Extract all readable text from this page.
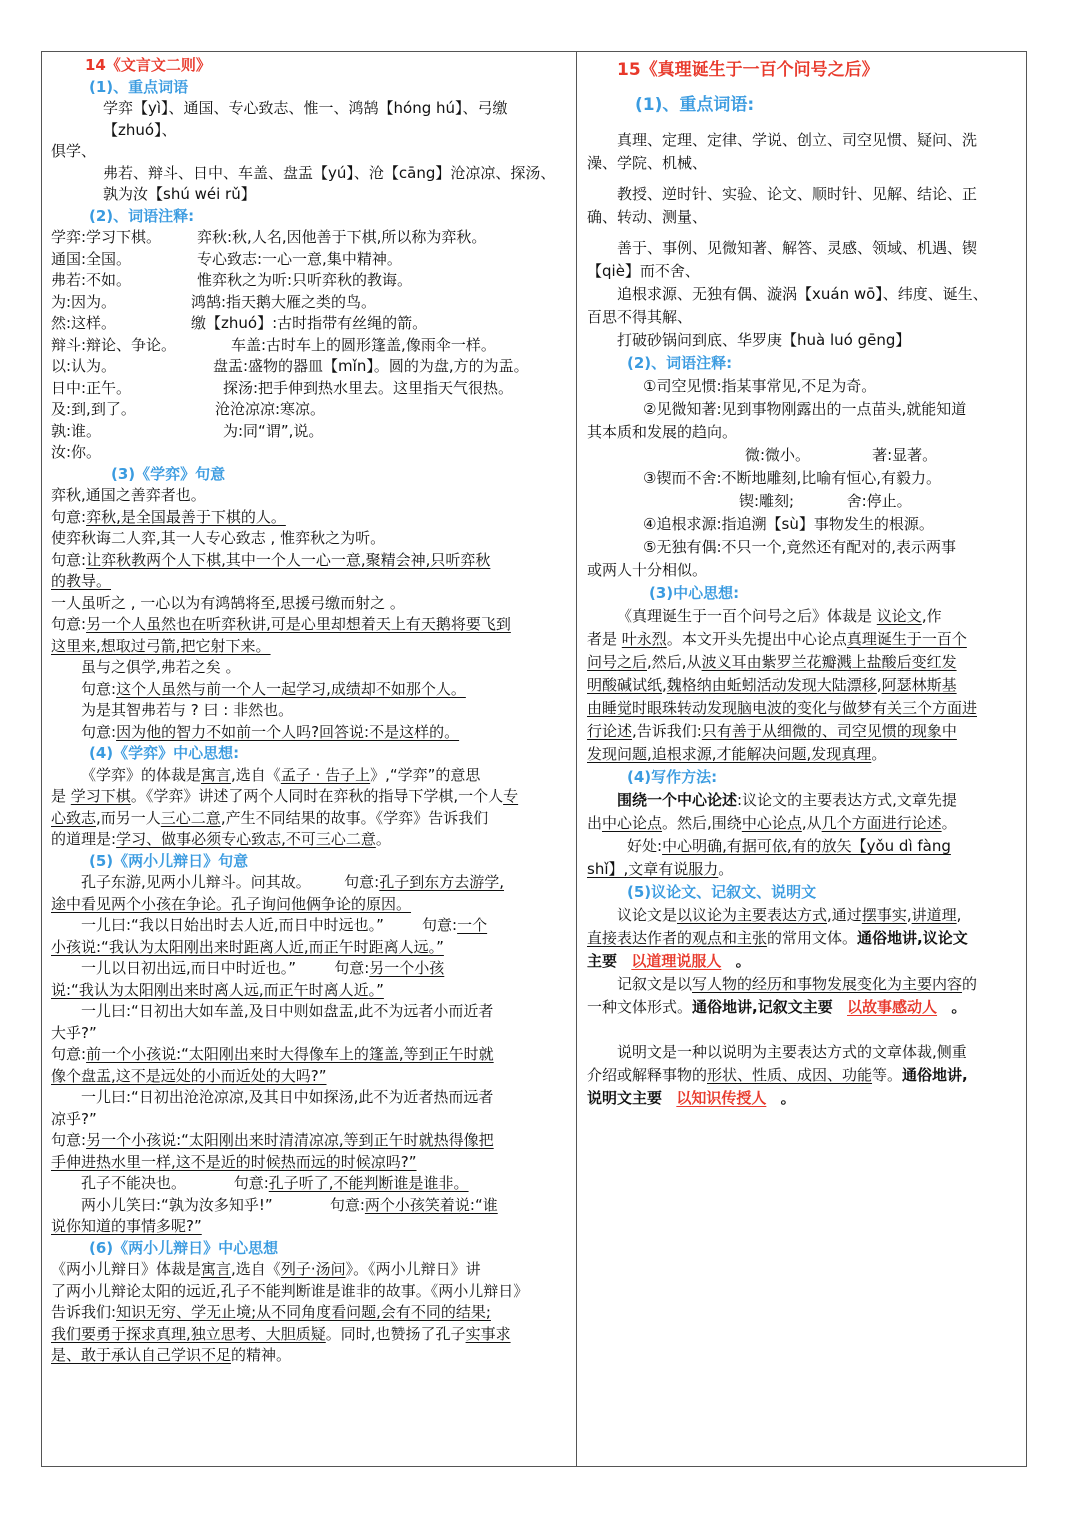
14《文言文二则》

(1)、重点词语

学弈【yì】、通国、专心致志、惟一、鸿鹄【hóng hú】、弓缴【zhuó】、

俱学、

弗若、辩斗、日中、车盖、盘盂【yú】、沧【cāng】沧凉凉、探汤、

孰为汝【shú wéi rǔ】

(2)、词语注释:

学弈:学习下棋。	弈秋:秋,人名,因他善于下棋,所以称为弈秋。

通国:全国。	专心致志:一心一意,集中精神。

弗若:不如。	惟弈秋之为听:只听弈秋的教诲。

为:因为。	鸿鹄:指天鹅大雁之类的鸟。

然:这样。	缴【zhuó】:古时指带有丝绳的箭。

辩斗:辩论、争论。	车盖:古时车上的圆形篷盖,像雨伞一样。

以:认为。	盘盂:盛物的器皿【mǐn】。圆的为盘,方的为盂。

日中:正午。	探汤:把手伸到热水里去。这里指天气很热。

及:到,到了。	沧沧凉凉:寒凉。

孰:谁。	为:同“谓”,说。

汝:你。

(3)《学弈》句意

弈秋,通国之善弈者也。

句意:弈秋,是全国最善于下棋的人。

使弈秋诲二人弈,其一人专心致志 , 惟弈秋之为听。

句意:让弈秋教两个人下棋,其中一个人一心一意,聚精会神,只听弈秋

的教导。

一人虽听之 , 一心以为有鸿鹄将至,思援弓缴而射之 。

句意:另一个人虽然也在听弈秋讲,可是心里却想着天上有天鹅将要飞到

这里来,想取过弓箭,把它射下来。

虽与之俱学,弗若之矣 。

句意:这个人虽然与前一个人一起学习,成绩却不如那个人。

为是其智弗若与 ? 曰 : 非然也。

句意:因为他的智力不如前一个人吗?回答说:不是这样的。

(4)《学弈》中心思想:

《学弈》的体裁是寓言,选自《孟子 · 告子上》,“学弈”的意思

是 学习下棋。《学弈》讲述了两个人同时在弈秋的指导下学棋,一个人专

心致志,而另一人三心二意,产生不同结果的故事。《学弈》告诉我们

的道理是:学习、做事必须专心致志,不可三心二意。

(5)《两小儿辩日》句意

孔子东游,见两小儿辩斗。问其故。 句意:孔子到东方去游学,

途中看见两个小孩在争论。孔子询问他俩争论的原因。

一儿曰:“我以日始出时去人近,而日中时远也。”	句意:一个

小孩说:“我认为太阳刚出来时距离人近,而正午时距离人远。”

一儿以日初出远,而日中时近也。”	句意:另一个小孩

说:“我认为太阳刚出来时离人远,而正午时离人近。”

一儿曰:“日初出大如车盖,及日中则如盘盂,此不为远者小而近者

大乎?”

句意:前一个小孩说:“太阳刚出来时大得像车上的篷盖,等到正午时就

像个盘盂,这不是远处的小而近处的大吗?”

一儿曰:“日初出沧沧凉凉,及其日中如探汤,此不为近者热而远者

凉乎?”

句意:另一个小孩说:“太阳刚出来时清清凉凉,等到正午时就热得像把

手伸进热水里一样,这不是近的时候热而远的时候凉吗?”

孔子不能决也。	句意:孔子听了,不能判断谁是谁非。

两小儿笑曰:“孰为汝多知乎!”	句意:两个小孩笑着说:“谁

说你知道的事情多呢?”

(6)《两小儿辩日》中心思想

《两小儿辩日》体裁是寓言,选自《列子·汤问》。《两小儿辩日》讲

了两小儿辩论太阳的远近,孔子不能判断谁是谁非的故事。《两小儿辩日》

告诉我们:知识无穷、学无止境;从不同角度看问题,会有不同的结果;

我们要勇于探求真理,独立思考、大胆质疑。同时,也赞扬了孔子实事求

是、敢于承认自己学识不足的精神。

15《真理诞生于一百个问号之后》

(1)、重点词语:

真理、定理、定律、学说、创立、司空见惯、疑问、洗

澡、学院、机械、

教授、逆时针、实验、论文、顺时针、见解、结论、正

确、转动、测量、

善于、事例、见微知著、解答、灵感、领域、机遇、锲

【qiè】而不舍、

追根求源、无独有偶、漩涡【xuán wō】、纬度、诞生、

百思不得其解、

打破砂锅问到底、华罗庚【huà luó gēng】

(2)、词语注释:

①司空见惯:指某事常见,不足为奇。

②见微知著:见到事物刚露出的一点苗头,就能知道

其本质和发展的趋向。

微:微小。	著:显著。

③锲而不舍:不断地雕刻,比喻有恒心,有毅力。

锲:雕刻;	舍:停止。

④追根求源:指追溯【sù】事物发生的根源。

⑤无独有偶:不只一个,竟然还有配对的,表示两事

或两人十分相似。

(3)中心思想:

《真理诞生于一百个问号之后》体裁是 议论文,作

者是 叶永烈。本文开头先提出中心论点真理诞生于一百个

问号之后,然后,从波义耳由紫罗兰花瓣溅上盐酸后变红发

明酸碱试纸,魏格纳由蚯蚓活动发现大陆漂移,阿瑟林斯基

由睡觉时眼珠转动发现脑电波的变化与做梦有关三个方面进

行论述,告诉我们:只有善于从细微的、司空见惯的现象中

发现问题,追根求源,才能解决问题,发现真理。

(4)写作方法:

围绕一个中心论述:议论文的主要表达方式,文章先提

出中心论点。然后,围绕中心论点,从几个方面进行论述。

好处:中心明确,有据可依,有的放矢【yǒu dì fàng

shǐ】,文章有说服力。

(5)议论文、记叙文、说明文

议论文是以议论为主要表达方式,通过摆事实,讲道理,

直接表达作者的观点和主张的常用文体。通俗地讲,议论文

主要 以道理说服人 。

记叙文是以写人物的经历和事物发展变化为主要内容的

一种文体形式。通俗地讲,记叙文主要 以故事感动人 。

说明文是一种以说明为主要表达方式的文章体裁,侧重

介绍或解释事物的形状、性质、成因、功能等。通俗地讲,

说明文主要 以知识传授人 。
